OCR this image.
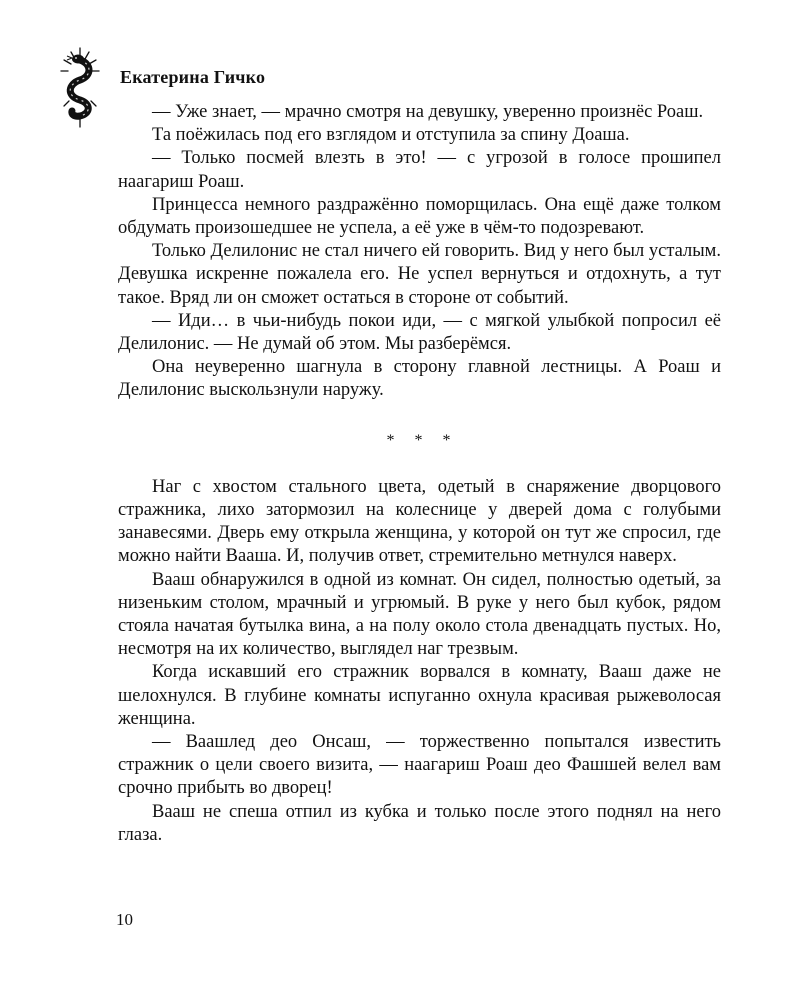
Екатерина Гичко

— Уже знает, — мрачно смотря на девушку, уверенно произнёс Роаш.

Та поёжилась под его взглядом и отступила за спину Доаша.

— Только посмей влезть в это! — с угрозой в голосе прошипел наагариш Роаш.

Принцесса немного раздражённо поморщилась. Она ещё даже толком обдумать произошедшее не успела, а её уже в чём-то подозревают.

Только Делилонис не стал ничего ей говорить. Вид у него был усталым. Девушка искренне пожалела его. Не успел вернуться и отдохнуть, а тут такое. Вряд ли он сможет остаться в стороне от событий.

— Иди… в чьи-нибудь покои иди, — с мягкой улыбкой попросил её Делилонис. — Не думай об этом. Мы разберёмся.

Она неуверенно шагнула в сторону главной лестницы. А Роаш и Делилонис выскользнули наружу.

* * *

Наг с хвостом стального цвета, одетый в снаряжение дворцового стражника, лихо затормозил на колеснице у дверей дома с голубыми занавесями. Дверь ему открыла женщина, у которой он тут же спросил, где можно найти Вааша. И, получив ответ, стремительно метнулся наверх.

Вааш обнаружился в одной из комнат. Он сидел, полностью одетый, за низеньким столом, мрачный и угрюмый. В руке у него был кубок, рядом стояла начатая бутылка вина, а на полу около стола двенадцать пустых. Но, несмотря на их количество, выглядел наг трезвым.

Когда искавший его стражник ворвался в комнату, Вааш даже не шелохнулся. В глубине комнаты испуганно охнула красивая рыжеволосая женщина.

— Ваашлед део Онсаш, — торжественно попытался известить стражник о цели своего визита, — наагариш Роаш део Фашшей велел вам срочно прибыть во дворец!

Вааш не спеша отпил из кубка и только после этого поднял на него глаза.

10
